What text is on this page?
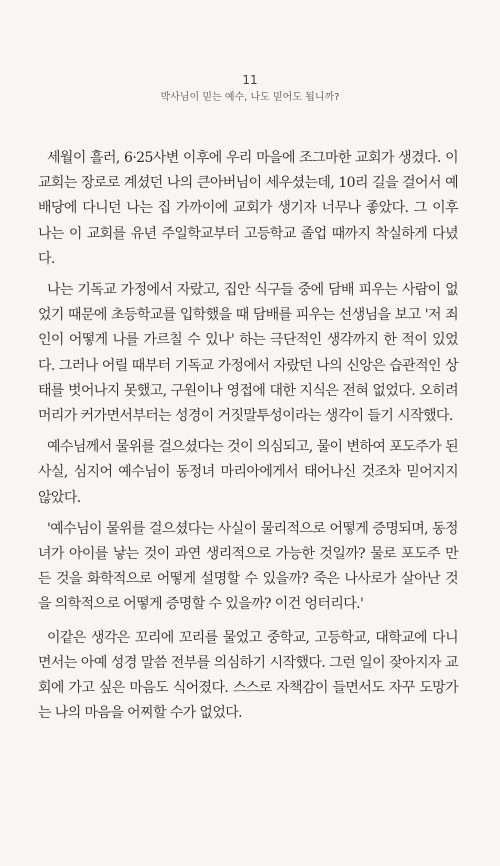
11
박사님이 믿는 예수, 나도 믿어도 됩니까?

세월이 흘러, 6·25사변 이후에 우리 마을에 조그마한 교회가 생겼다. 이 교회는 장로로 계셨던 나의 큰아버님이 세우셨는데, 10리 길을 걸어서 예배당에 다니던 나는 집 가까이에 교회가 생기자 너무나 좋았다. 그 이후 나는 이 교회를 유년 주일학교부터 고등학교 졸업 때까지 착실하게 다녔다.

나는 기독교 가정에서 자랐고, 집안 식구들 중에 담배 피우는 사람이 없었기 때문에 초등학교를 입학했을 때 담배를 피우는 선생님을 보고 '저 죄인이 어떻게 나를 가르칠 수 있나' 하는 극단적인 생각까지 한 적이 있었다. 그러나 어릴 때부터 기독교 가정에서 자랐던 나의 신앙은 습관적인 상태를 벗어나지 못했고, 구원이나 영접에 대한 지식은 전혀 없었다. 오히려 머리가 커가면서부터는 성경이 거짓말투성이라는 생각이 들기 시작했다.

예수님께서 물위를 걸으셨다는 것이 의심되고, 물이 변하여 포도주가 된 사실, 심지어 예수님이 동정녀 마리아에게서 태어나신 것조차 믿어지지 않았다.

'예수님이 물위를 걸으셨다는 사실이 물리적으로 어떻게 증명되며, 동정녀가 아이를 낳는 것이 과연 생리적으로 가능한 것일까? 물로 포도주 만든 것을 화학적으로 어떻게 설명할 수 있을까? 죽은 나사로가 살아난 것을 의학적으로 어떻게 증명할 수 있을까? 이건 엉터리다.'

이같은 생각은 꼬리에 꼬리를 물었고 중학교, 고등학교, 대학교에 다니면서는 아예 성경 말씀 전부를 의심하기 시작했다. 그런 일이 잦아지자 교회에 가고 싶은 마음도 식어졌다. 스스로 자책감이 들면서도 자꾸 도망가는 나의 마음을 어찌할 수가 없었다.
